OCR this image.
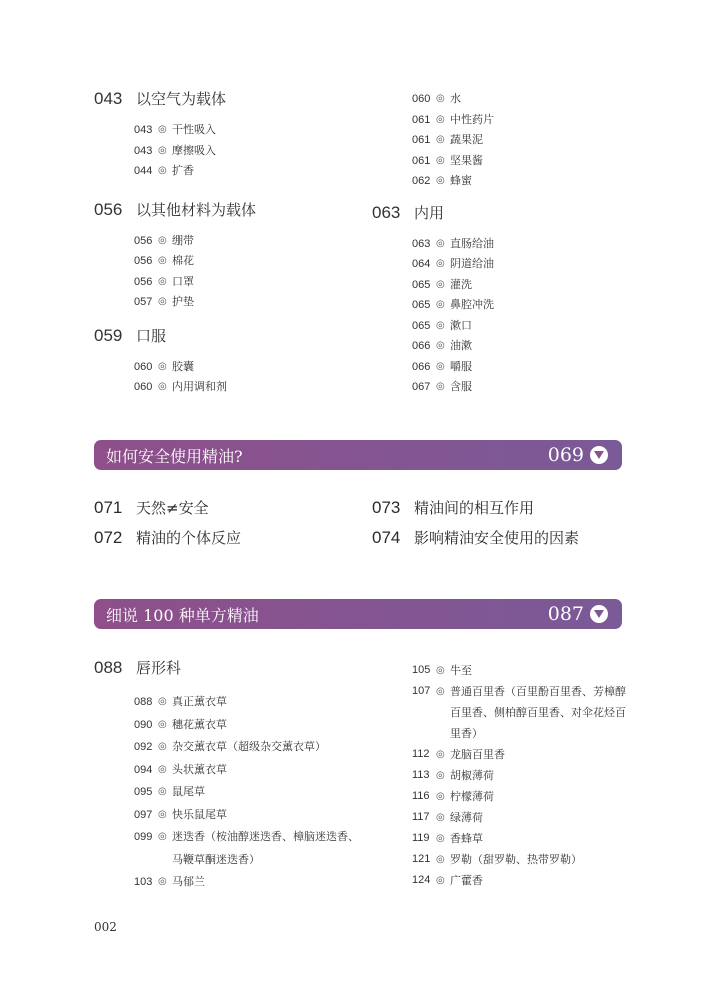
043 以空气为载体
043 ◎ 干性吸入
043 ◎ 摩擦吸入
044 ◎ 扩香
056 以其他材料为载体
056 ◎ 绷带
056 ◎ 棉花
056 ◎ 口罩
057 ◎ 护垫
059 口服
060 ◎ 胶囊
060 ◎ 内用调和剂
060 ◎ 水
061 ◎ 中性药片
061 ◎ 蔬果泥
061 ◎ 坚果酱
062 ◎ 蜂蜜
063 内用
063 ◎ 直肠给油
064 ◎ 阴道给油
065 ◎ 灌洗
065 ◎ 鼻腔冲洗
065 ◎ 漱口
066 ◎ 油漱
066 ◎ 嚼服
067 ◎ 含服
如何安全使用精油?	069
071 天然≠安全	073 精油间的相互作用
072 精油的个体反应	074 影响精油安全使用的因素
细说 100 种单方精油	087
088 唇形科
088 ◎ 真正薰衣草
090 ◎ 穗花薰衣草
092 ◎ 杂交薰衣草（超级杂交薰衣草）
094 ◎ 头状薰衣草
095 ◎ 鼠尾草
097 ◎ 快乐鼠尾草
099 ◎ 迷迭香（桉油醇迷迭香、樟脑迷迭香、马鞭草酮迷迭香）
103 ◎ 马郁兰
105 ◎ 牛至
107 ◎ 普通百里香（百里酚百里香、芳樟醇百里香、侧柏醇百里香、对伞花烃百里香）
112 ◎ 龙脑百里香
113 ◎ 胡椒薄荷
116 ◎ 柠檬薄荷
117 ◎ 绿薄荷
119 ◎ 香蜂草
121 ◎ 罗勒（甜罗勒、热带罗勒）
124 ◎ 广藿香
002
